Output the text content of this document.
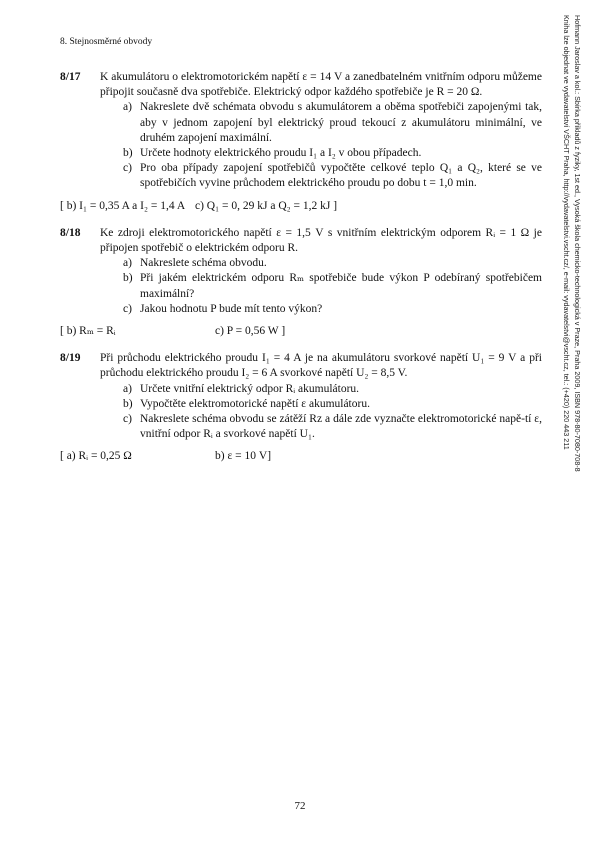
8. Stejnosměrné obvody	Hofmann Jaroslav a kol.: Sbírka příkladů z fyziky, 1st ed., Vysoká škola chemicko-technologická v Praze, Praha 2009, ISBN 978-80-7080-708-8
Kniha lze objednat ve vydavatelství VŠCHT Praha, http://vydavatelstvi.vscht.cz/, e-mail: vydavatelstvi@vscht.cz, tel.: (+420) 220 443 211
8/17 K akumulátoru o elektromotorickém napětí ε = 14 V a zanedbatelném vnitřním odporu můžeme připojit současně dva spotřebiče. Elektrický odpor každého spotřebiče je R = 20 Ω.
a) Nakreslete dvě schémata obvodu s akumulátorem a oběma spotřebiči zapojenými tak, aby v jednom zapojení byl elektrický proud tekoucí z akumulátoru minimální, ve druhém zapojení maximální.
b) Určete hodnoty elektrického proudu I₁ a I₂ v obou případech.
c) Pro oba případy zapojení spotřebičů vypočtěte celkové teplo Q₁ a Q₂, které se ve spotřebičích vyvine průchodem elektrického proudu po dobu t = 1,0 min.
[ b) I₁ = 0,35 A a I₂ = 1,4 A c) Q₁ = 0, 29 kJ a Q₂ = 1,2 kJ ]
8/18 Ke zdroji elektromotorického napětí ε = 1,5 V s vnitřním elektrickým odporem Rᵢ = 1 Ω je připojen spotřebič o elektrickém odporu R.
a) Nakreslete schéma obvodu.
b) Při jakém elektrickém odporu Rₘ spotřebiče bude výkon P odebíraný spotřebičem maximální?
c) Jakou hodnotu P bude mít tento výkon?
[ b) Rₘ = Rᵢ	c) P = 0,56 W ]
8/19 Při průchodu elektrického proudu I₁ = 4 A je na akumulátoru svorkové napětí U₁ = 9 V a při průchodu elektrického proudu I₂ = 6 A svorkové napětí U₂ = 8,5 V.
a) Určete vnitřní elektrický odpor Rᵢ akumulátoru.
b) Vypočtěte elektromotorické napětí ε akumulátoru.
c) Nakreslete schéma obvodu se zátěží Rz a dále zde vyznačte elektromotorické napě-tí ε, vnitřní odpor Rᵢ a svorkové napětí U₁.
[ a) Rᵢ = 0,25 Ω	b) ε = 10 V]
72
